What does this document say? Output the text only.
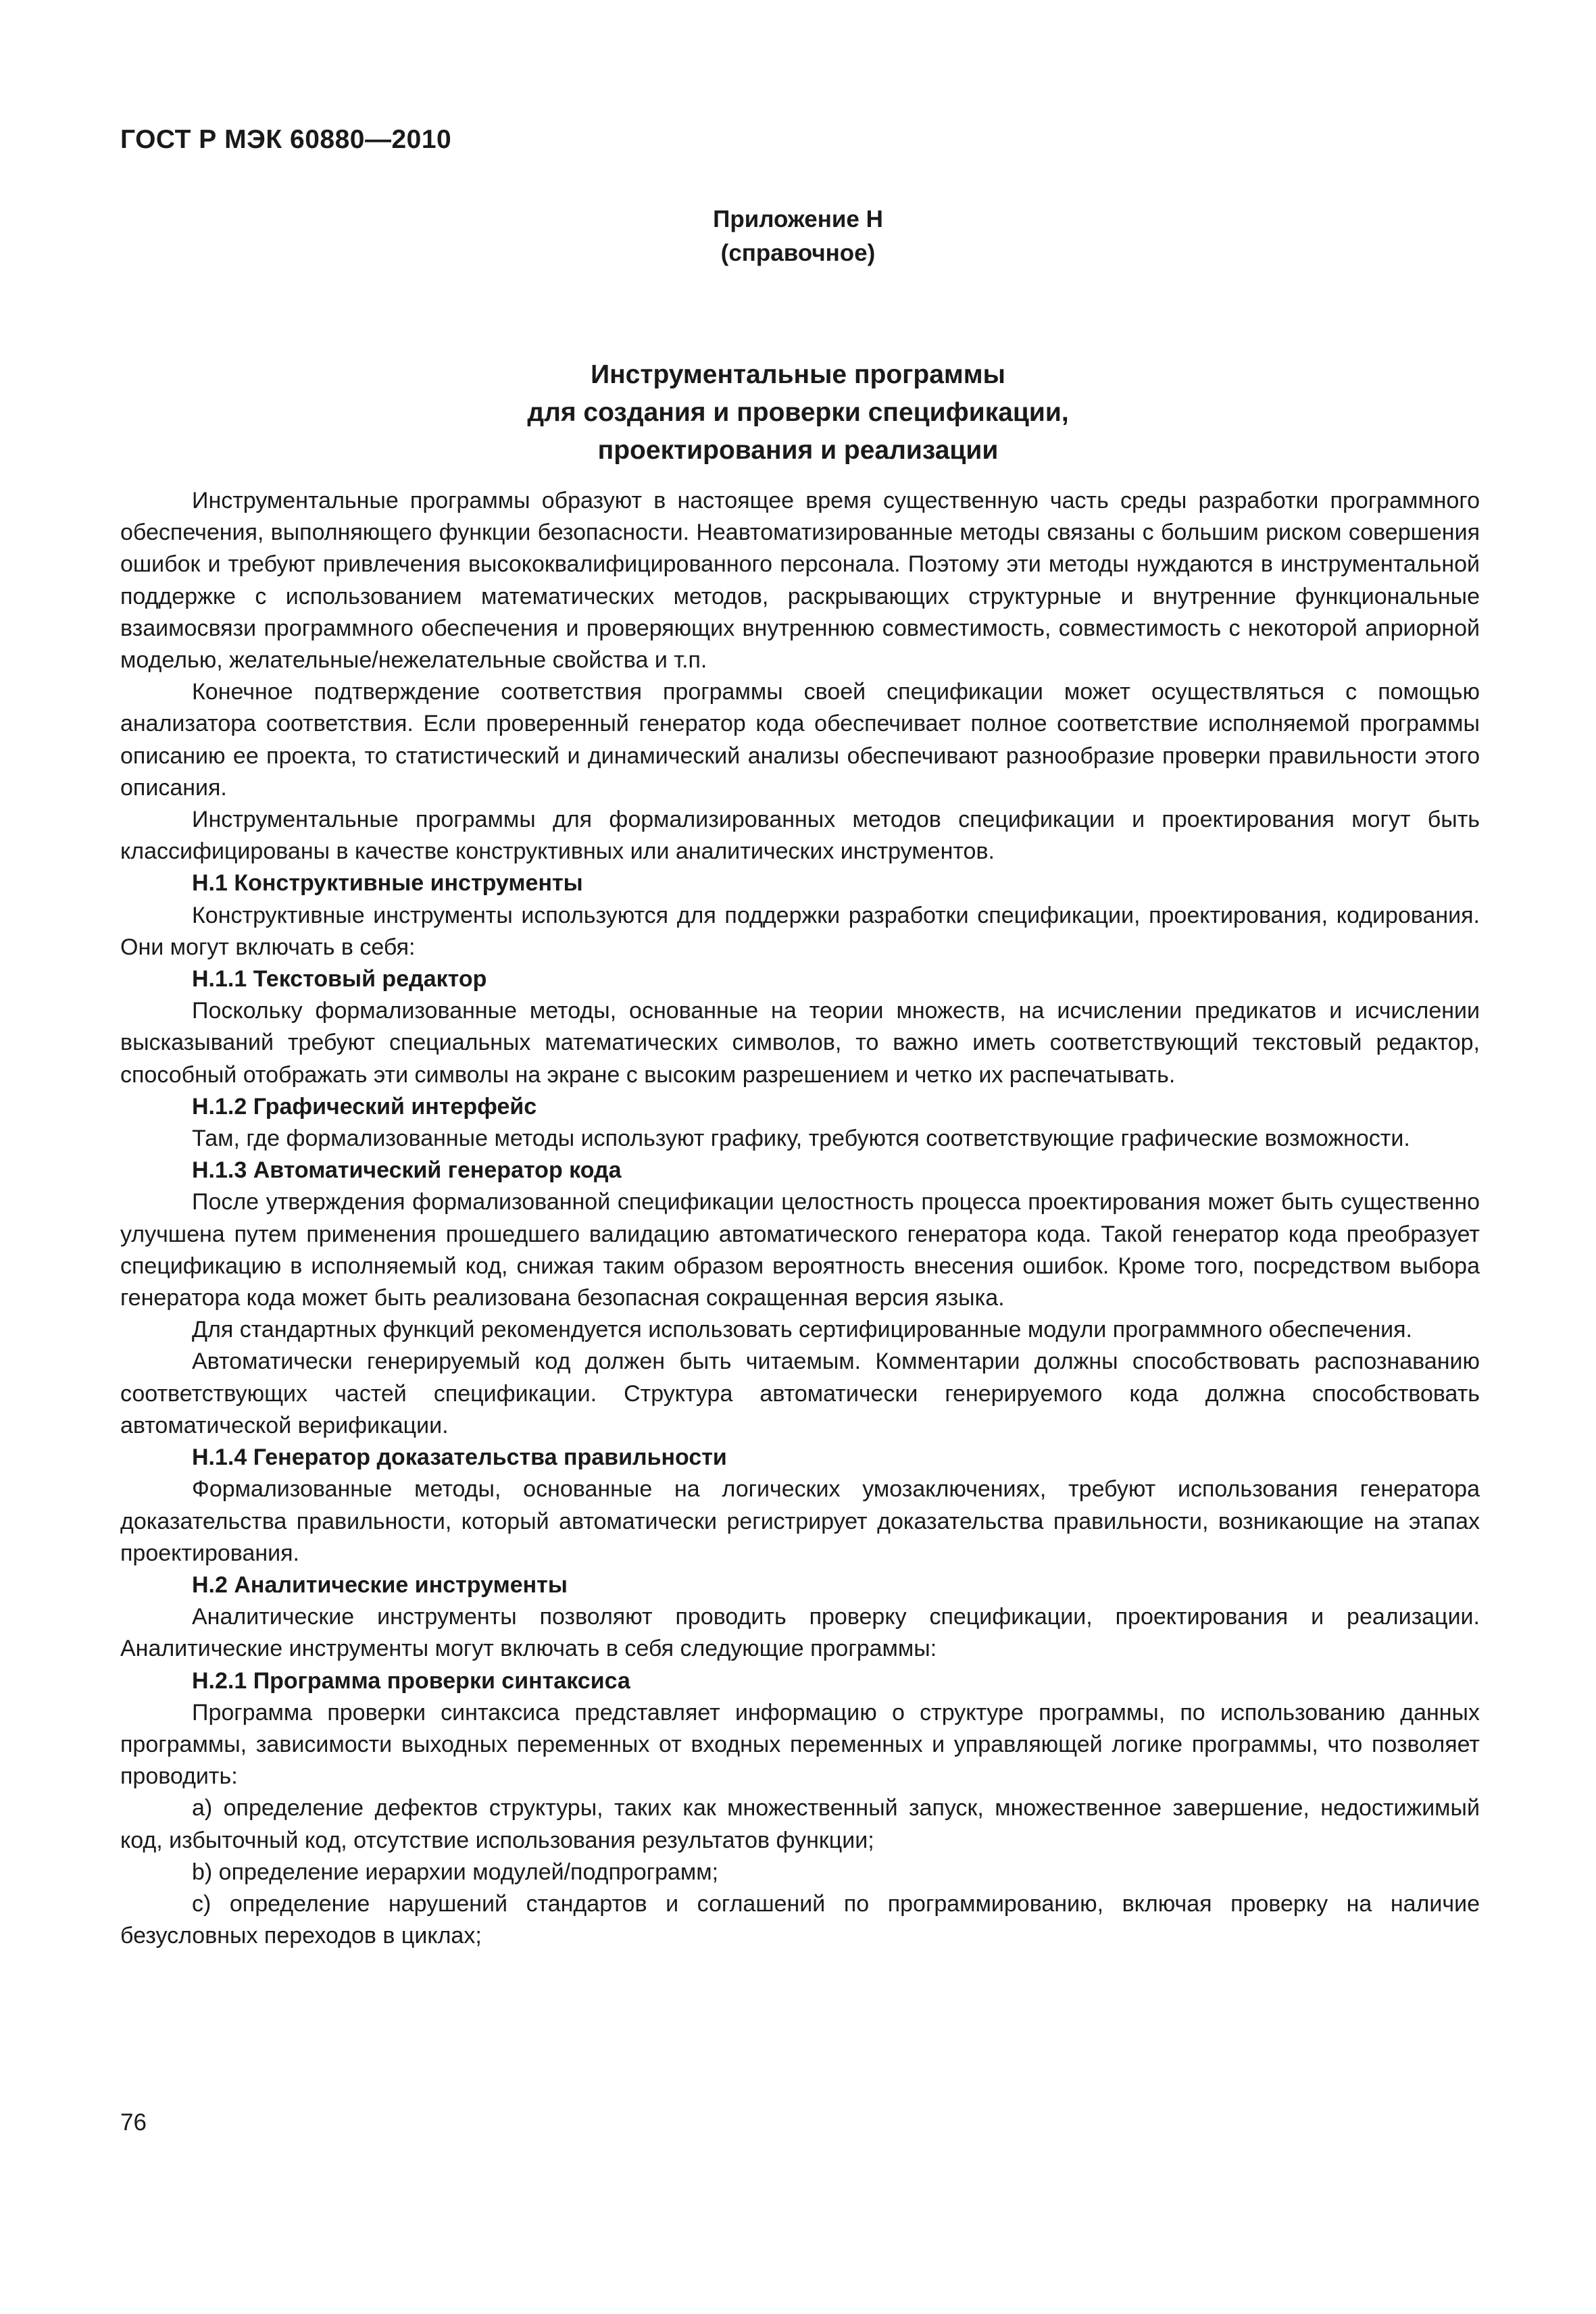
ГОСТ Р МЭК 60880—2010
Приложение Н
(справочное)
Инструментальные программы
для создания и проверки спецификации,
проектирования и реализации

Инструментальные программы образуют в настоящее время существенную часть среды разработки программного обеспечения, выполняющего функции безопасности. Неавтоматизированные методы связаны с большим риском совершения ошибок и требуют привлечения высококвалифицированного персонала. Поэтому эти методы нуждаются в инструментальной поддержке с использованием математических методов, раскрывающих структурные и внутренние функциональные взаимосвязи программного обеспечения и проверяющих внутреннюю совместимость, совместимость с некоторой априорной моделью, желательные/нежелательные свойства и т.п.

Конечное подтверждение соответствия программы своей спецификации может осуществляться с помощью анализатора соответствия. Если проверенный генератор кода обеспечивает полное соответствие исполняемой программы описанию ее проекта, то статистический и динамический анализы обеспечивают разнообразие проверки правильности этого описания.

Инструментальные программы для формализированных методов спецификации и проектирования могут быть классифицированы в качестве конструктивных или аналитических инструментов.

Н.1 Конструктивные инструменты

Конструктивные инструменты используются для поддержки разработки спецификации, проектирования, кодирования. Они могут включать в себя:

Н.1.1 Текстовый редактор

Поскольку формализованные методы, основанные на теории множеств, на исчислении предикатов и исчислении высказываний требуют специальных математических символов, то важно иметь соответствующий текстовый редактор, способный отображать эти символы на экране с высоким разрешением и четко их распечатывать.

Н.1.2 Графический интерфейс

Там, где формализованные методы используют графику, требуются соответствующие графические возможности.

Н.1.3 Автоматический генератор кода

После утверждения формализованной спецификации целостность процесса проектирования может быть существенно улучшена путем применения прошедшего валидацию автоматического генератора кода. Такой генератор кода преобразует спецификацию в исполняемый код, снижая таким образом вероятность внесения ошибок. Кроме того, посредством выбора генератора кода может быть реализована безопасная сокращенная версия языка.

Для стандартных функций рекомендуется использовать сертифицированные модули программного обеспечения.

Автоматически генерируемый код должен быть читаемым. Комментарии должны способствовать распознаванию соответствующих частей спецификации. Структура автоматически генерируемого кода должна способствовать автоматической верификации.

Н.1.4 Генератор доказательства правильности

Формализованные методы, основанные на логических умозаключениях, требуют использования генератора доказательства правильности, который автоматически регистрирует доказательства правильности, возникающие на этапах проектирования.

Н.2 Аналитические инструменты

Аналитические инструменты позволяют проводить проверку спецификации, проектирования и реализации. Аналитические инструменты могут включать в себя следующие программы:

Н.2.1 Программа проверки синтаксиса

Программа проверки синтаксиса представляет информацию о структуре программы, по использованию данных программы, зависимости выходных переменных от входных переменных и управляющей логике программы, что позволяет проводить:

a) определение дефектов структуры, таких как множественный запуск, множественное завершение, недостижимый код, избыточный код, отсутствие использования результатов функции;

b) определение иерархии модулей/подпрограмм;

c) определение нарушений стандартов и соглашений по программированию, включая проверку на наличие безусловных переходов в циклах;

76
